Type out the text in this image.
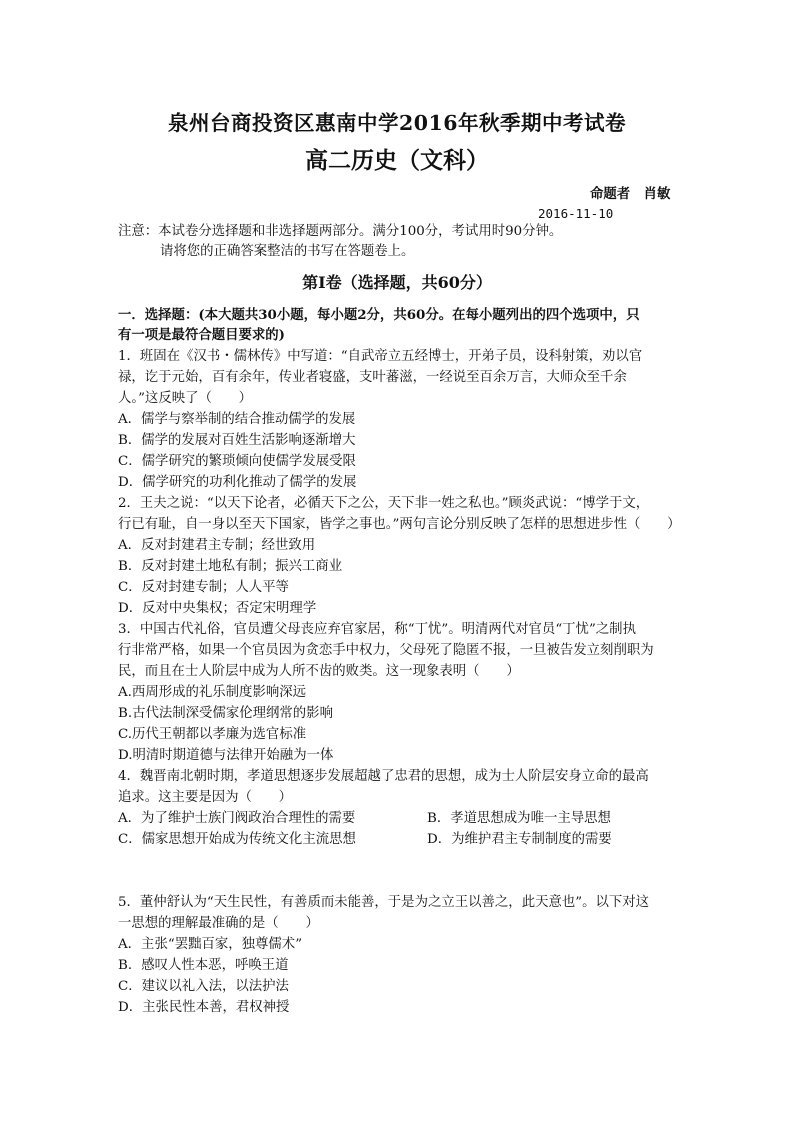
泉州台商投资区惠南中学2016年秋季期中考试卷
高二历史（文科）
命题者　肖敏
2016-11-10
注意：本试卷分选择题和非选择题两部分。满分100分，考试用时90分钟。
请将您的正确答案整洁的书写在答题卷上。
第Ⅰ卷（选择题，共60分）
一．选择题：(本大题共30小题，每小题2分，共60分。在每小题列出的四个选项中，只
有一项是最符合题目要求的)
1．班固在《汉书・儒林传》中写道：“自武帝立五经博士，开弟子员，设科射策，劝以官
禄，讫于元始，百有余年，传业者寝盛，支叶蕃滋，一经说至百余万言，大师众至千余
人。”这反映了（　　）
A．儒学与察举制的结合推动儒学的发展
B．儒学的发展对百姓生活影响逐渐增大
C．儒学研究的繁琐倾向使儒学发展受限
D．儒学研究的功利化推动了儒学的发展
2．王夫之说：“以天下论者，必循天下之公，天下非一姓之私也。”顾炎武说：“博学于文，
行已有耻，自一身以至天下国家，皆学之事也。”两句言论分别反映了怎样的思想进步性（　　）
A．反对封建君主专制；经世致用
B．反对封建土地私有制；振兴工商业
C．反对封建专制；人人平等
D．反对中央集权；否定宋明理学
3．中国古代礼俗，官员遭父母丧应弃官家居，称“丁忧”。明清两代对官员“丁忧”之制执
行非常严格，如果一个官员因为贪恋手中权力，父母死了隐匿不报，一旦被告发立刻削职为
民，而且在士人阶层中成为人所不齿的败类。这一现象表明（　　）
A.西周形成的礼乐制度影响深远
B.古代法制深受儒家伦理纲常的影响
C.历代王朝都以孝廉为选官标准
D.明清时期道德与法律开始融为一体
4．魏晋南北朝时期，孝道思想逐步发展超越了忠君的思想，成为士人阶层安身立命的最高
追求。这主要是因为（　　）
A．为了维护士族门阀政治合理性的需要	B．孝道思想成为唯一主导思想
C．儒家思想开始成为传统文化主流思想	D．为维护君主专制制度的需要
5．董仲舒认为“天生民性，有善质而未能善，于是为之立王以善之，此天意也”。以下对这
一思想的理解最准确的是（　　）
A．主张“罢黜百家，独尊儒术”
B．感叹人性本恶，呼唤王道
C．建议以礼入法，以法护法
D．主张民性本善，君权神授
